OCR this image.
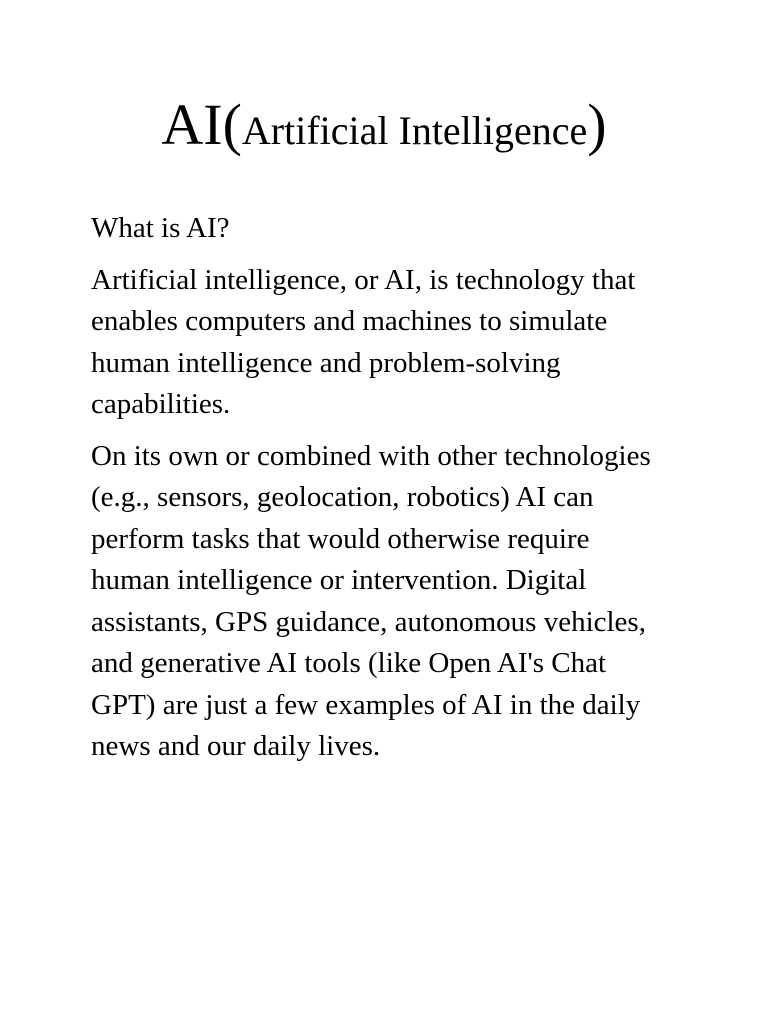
AI(Artificial Intelligence)

What is AI?

Artificial intelligence, or AI, is technology that enables computers and machines to simulate human intelligence and problem-solving capabilities.

On its own or combined with other technologies (e.g., sensors, geolocation, robotics) AI can perform tasks that would otherwise require human intelligence or intervention. Digital assistants, GPS guidance, autonomous vehicles, and generative AI tools (like Open AI's Chat GPT) are just a few examples of AI in the daily news and our daily lives.
